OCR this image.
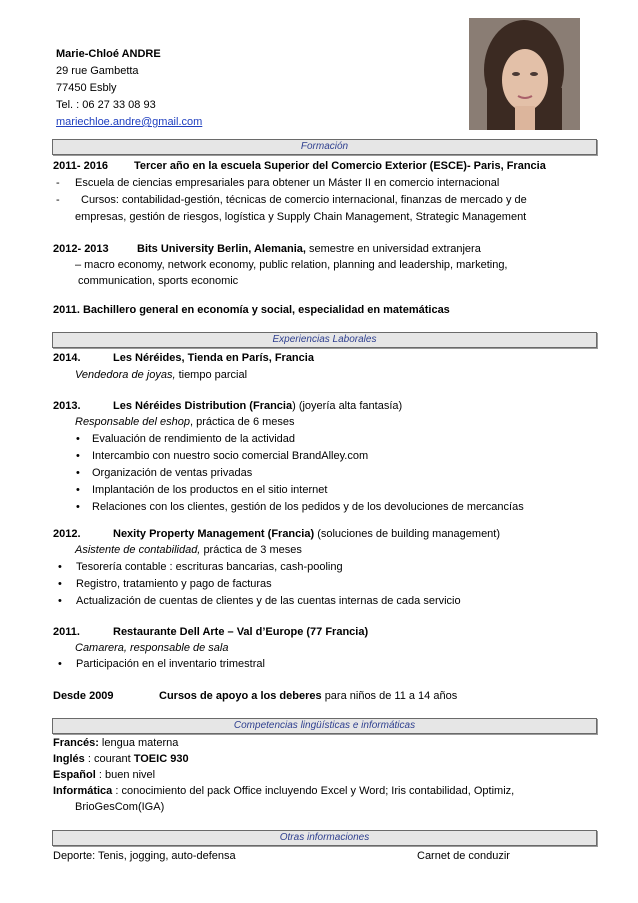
Marie-Chloé ANDRE
29 rue Gambetta
77450 Esbly
Tel. : 06 27 33 08 93
mariechloe.andre@gmail.com
Formación
2011- 2016 Tercer año en la escuela Superior del Comercio Exterior (ESCE)- Paris, Francia
- Escuela de ciencias empresariales para obtener un Máster II en comercio internacional
- Cursos: contabilidad-gestión, técnicas de comercio internacional, finanzas de mercado y de
empresas, gestión de riesgos, logística y Supply Chain Management, Strategic Management
2012- 2013	Bits University Berlin, Alemania, semestre en universidad extranjera
– macro economy, network economy, public relation, planning and leadership, marketing,
communication, sports economic
2011. Bachillero general en economía y social, especialidad en matemáticas
Experiencias Laborales
2014.	Les Néréides, Tienda en París, Francia
Vendedora de joyas, tiempo parcial
2013.	Les Néréides Distribution (Francia) (joyería alta fantasía)
Responsable del eshop, práctica de 6 meses
• Evaluación de rendimiento de la actividad
• Intercambio con nuestro socio comercial BrandAlley.com
• Organización de ventas privadas
• Implantación de los productos en el sitio internet
• Relaciones con los clientes, gestión de los pedidos y de los devoluciones de mercancías
2012.	Nexity Property Management (Francia) (soluciones de building management)
Asistente de contabilidad, práctica de 3 meses
• Tesorería contable : escrituras bancarias, cash-pooling
• Registro, tratamiento y pago de facturas
• Actualización de cuentas de clientes y de las cuentas internas de cada servicio
2011.	Restaurante Dell Arte – Val d’Europe (77 Francia)
Camarera, responsable de sala
• Participación en el inventario trimestral
Desde 2009	Cursos de apoyo a los deberes para niños de 11 a 14 años
Competencias lingüísticas e informáticas
Francés: lengua materna
Inglés : courant TOEIC 930
Español : buen nivel
Informática : conocimiento del pack Office incluyendo Excel y Word; Iris contabilidad, Optimiz,
BrioGesCom(IGA)
Otras informaciones
Deporte: Tenis, jogging, auto-defensa	Carnet de conduzir
